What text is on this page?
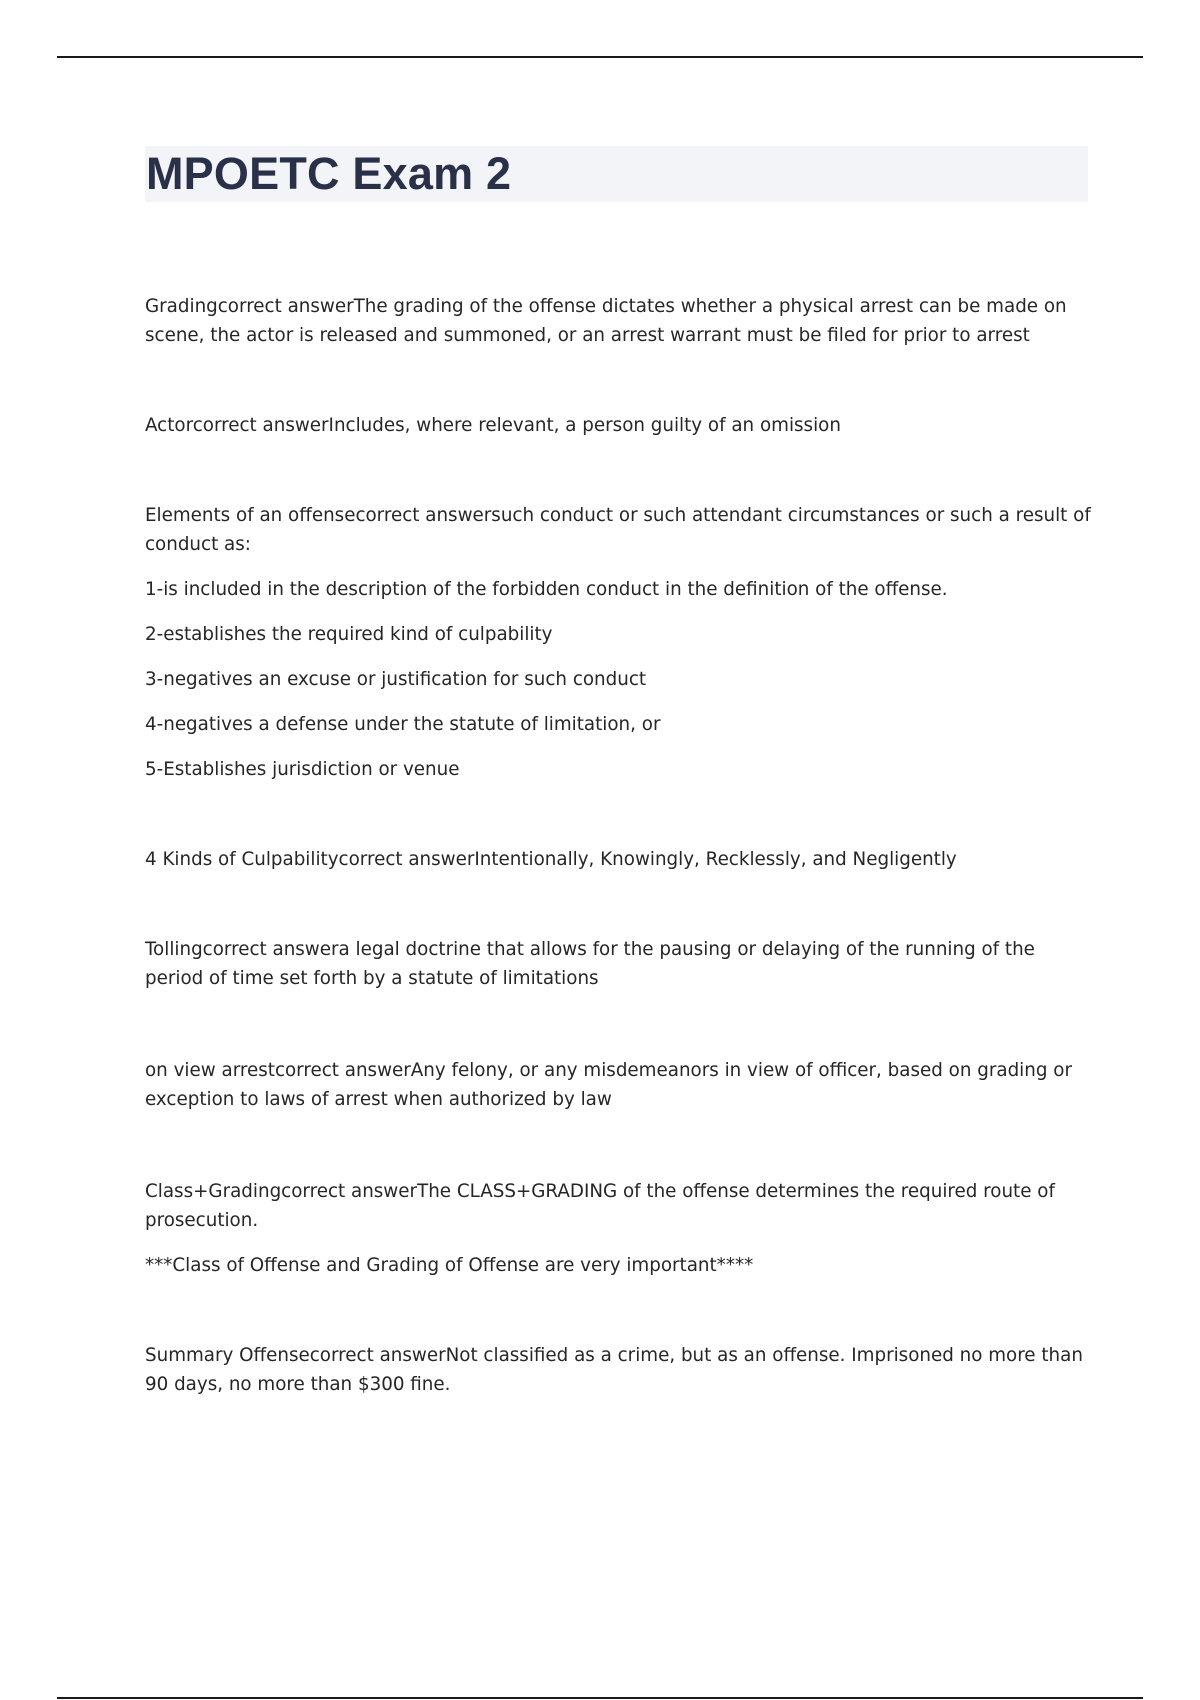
MPOETC Exam 2

Gradingcorrect answerThe grading of the offense dictates whether a physical arrest can be made on scene, the actor is released and summoned, or an arrest warrant must be filed for prior to arrest

Actorcorrect answerIncludes, where relevant, a person guilty of an omission

Elements of an offensecorrect answersuch conduct or such attendant circumstances or such a result of conduct as:

1-is included in the description of the forbidden conduct in the definition of the offense.

2-establishes the required kind of culpability

3-negatives an excuse or justification for such conduct

4-negatives a defense under the statute of limitation, or

5-Establishes jurisdiction or venue

4 Kinds of Culpabilitycorrect answerIntentionally, Knowingly, Recklessly, and Negligently

Tollingcorrect answera legal doctrine that allows for the pausing or delaying of the running of the period of time set forth by a statute of limitations

on view arrestcorrect answerAny felony, or any misdemeanors in view of officer, based on grading or exception to laws of arrest when authorized by law

Class+Gradingcorrect answerThe CLASS+GRADING of the offense determines the required route of prosecution.

***Class of Offense and Grading of Offense are very important****

Summary Offensecorrect answerNot classified as a crime, but as an offense. Imprisoned no more than 90 days, no more than $300 fine.
